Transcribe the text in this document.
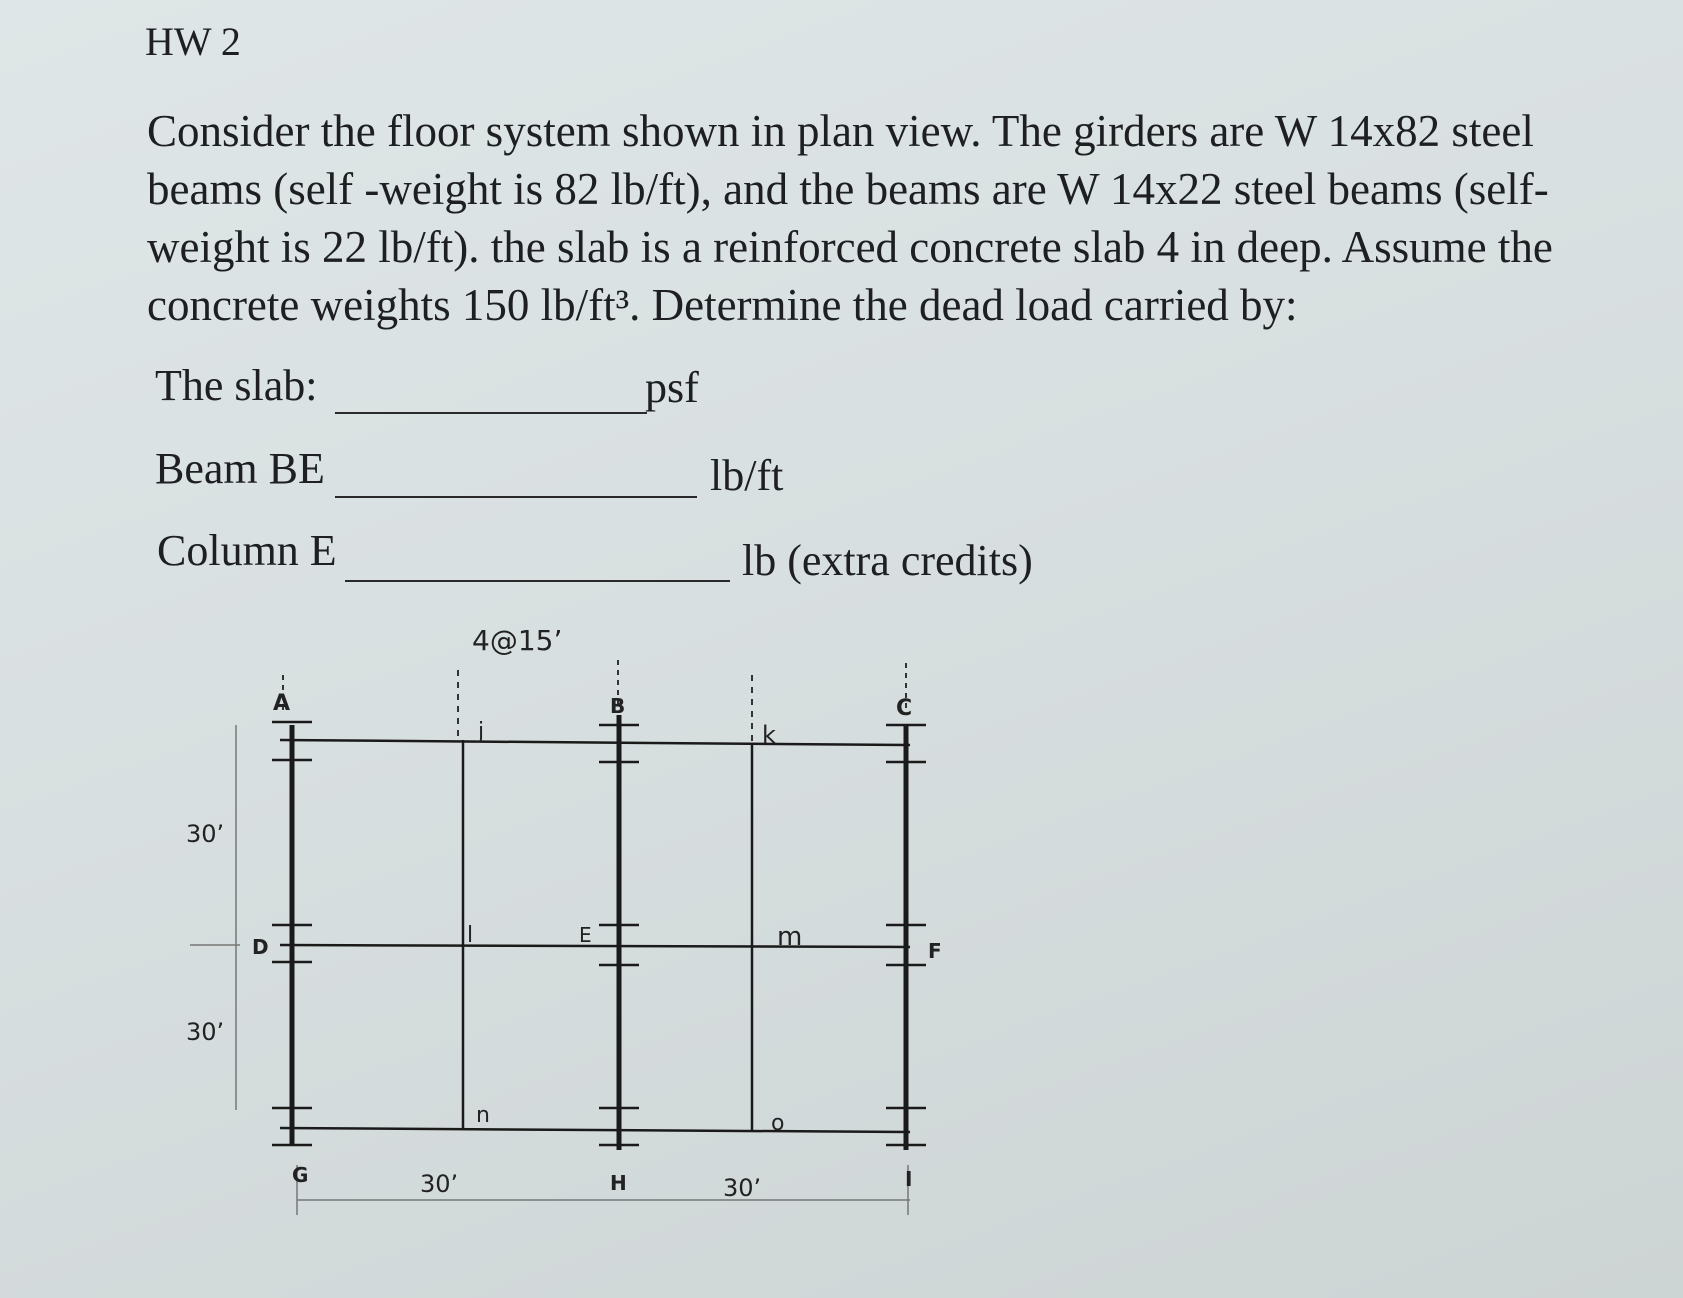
HW 2
Consider the floor system shown in plan view. The girders are W 14x82 steel beams (self -weight is 82 lb/ft), and the beams are W 14x22 steel beams (self-weight is 22 lb/ft). the slab is a reinforced concrete slab 4 in deep. Assume the concrete weights 150 lb/ft³. Determine the dead load carried by:
The slab:	psf
Beam BE	lb/ft
Column E	lb (extra credits)
4@15’
30’
30’
30’	30’
A	B	C
D	E
F
G	H	I
j	k
l	m
n	o
